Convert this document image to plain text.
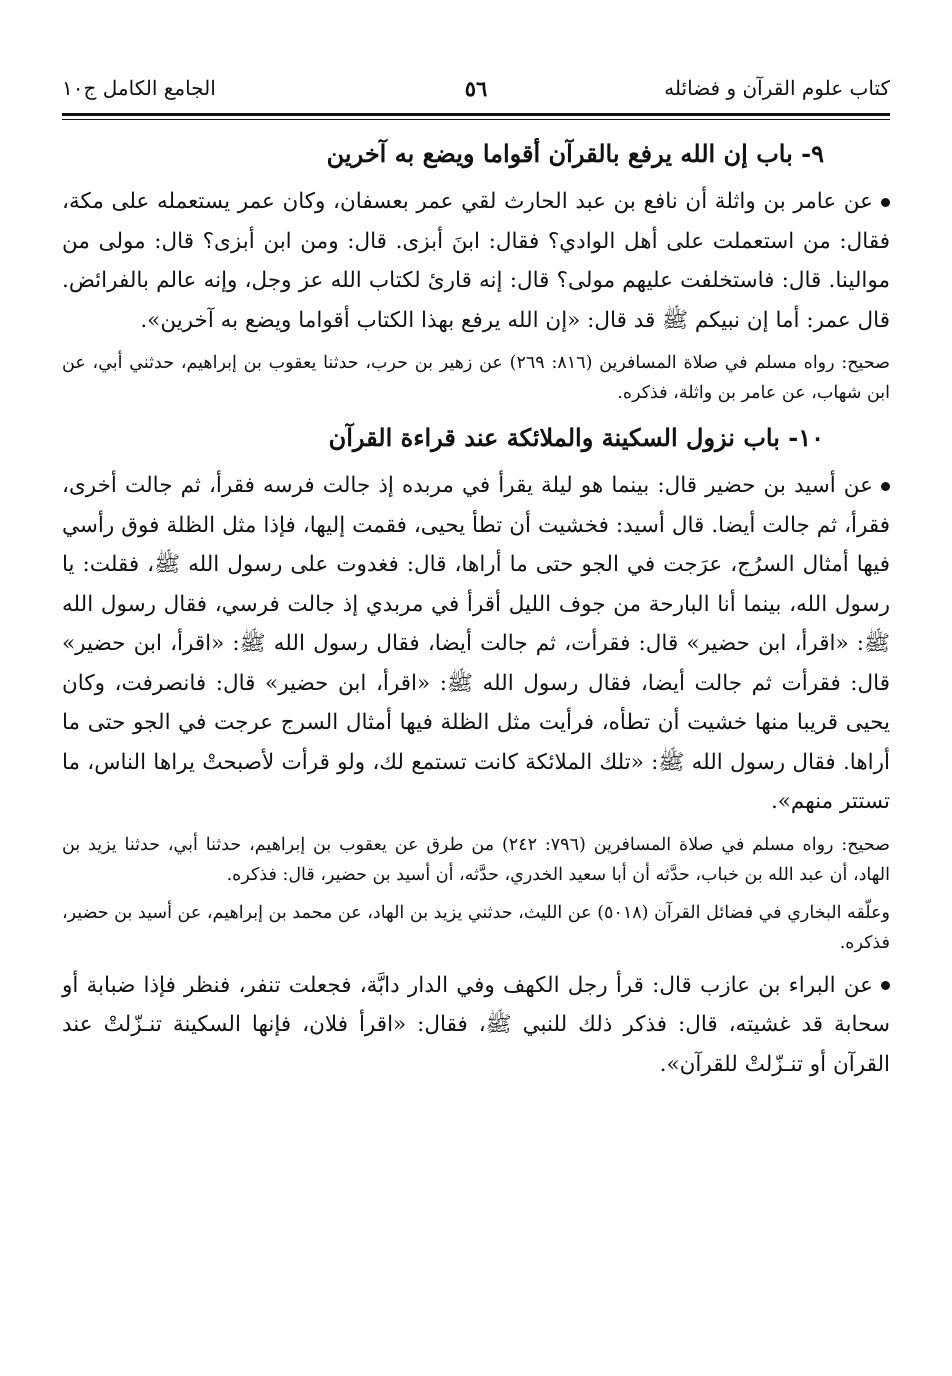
كتاب علوم القرآن و فضائله
٥٦
الجامع الكامل ج١٠
٩- باب إن الله يرفع بالقرآن أقواما ويضع به آخرين

عن عامر بن واثلة أن نافع بن عبد الحارث لقي عمر بعسفان، وكان عمر يستعمله على مكة، فقال: من استعملت على أهل الوادي؟ فقال: ابنَ أبزى. قال: ومن ابن أبزى؟ قال: مولى من موالينا. قال: فاستخلفت عليهم مولى؟ قال: إنه قارئ لكتاب الله عز وجل، وإنه عالم بالفرائض. قال عمر: أما إن نبيكم ﷺ قد قال: «إن الله يرفع بهذا الكتاب أقواما ويضع به آخرين».

صحيح: رواه مسلم في صلاة المسافرين (٨١٦: ٢٦٩) عن زهير بن حرب، حدثنا يعقوب بن إبراهيم، حدثني أبي، عن ابن شهاب، عن عامر بن واثلة، فذكره.

١٠- باب نزول السكينة والملائكة عند قراءة القرآن

عن أسيد بن حضير قال: بينما هو ليلة يقرأ في مربده إذ جالت فرسه فقرأ، ثم جالت أخرى، فقرأ، ثم جالت أيضا. قال أسيد: فخشيت أن تطأ يحيى، فقمت إليها، فإذا مثل الظلة فوق رأسي فيها أمثال السرُج، عرَجت في الجو حتى ما أراها، قال: فغدوت على رسول الله ﷺ، فقلت: يا رسول الله، بينما أنا البارحة من جوف الليل أقرأ في مربدي إذ جالت فرسي، فقال رسول الله ﷺ: «اقرأ، ابن حضير» قال: فقرأت، ثم جالت أيضا، فقال رسول الله ﷺ: «اقرأ، ابن حضير» قال: فقرأت ثم جالت أيضا، فقال رسول الله ﷺ: «اقرأ، ابن حضير» قال: فانصرفت، وكان يحيى قريبا منها خشيت أن تطأه، فرأيت مثل الظلة فيها أمثال السرج عرجت في الجو حتى ما أراها. فقال رسول الله ﷺ: «تلك الملائكة كانت تستمع لك، ولو قرأت لأصبحتْ يراها الناس، ما تستتر منهم».

صحيح: رواه مسلم في صلاة المسافرين (٧٩٦: ٢٤٢) من طرق عن يعقوب بن إبراهيم، حدثنا أبي، حدثنا يزيد بن الهاد، أن عبد الله بن خباب، حدَّثه أن أبا سعيد الخدري، حدَّثه، أن أسيد بن حضير، قال: فذكره.

وعلّقه البخاري في فضائل القرآن (٥٠١٨) عن الليث، حدثني يزيد بن الهاد، عن محمد بن إبراهيم، عن أسيد بن حضير، فذكره.

عن البراء بن عازب قال: قرأ رجل الكهف وفي الدار دابَّة، فجعلت تنفر، فنظر فإذا ضبابة أو سحابة قد غشيته، قال: فذكر ذلك للنبي ﷺ، فقال: «اقرأ فلان، فإنها السكينة تنـزّلتْ عند القرآن أو تنـزّلتْ للقرآن».
